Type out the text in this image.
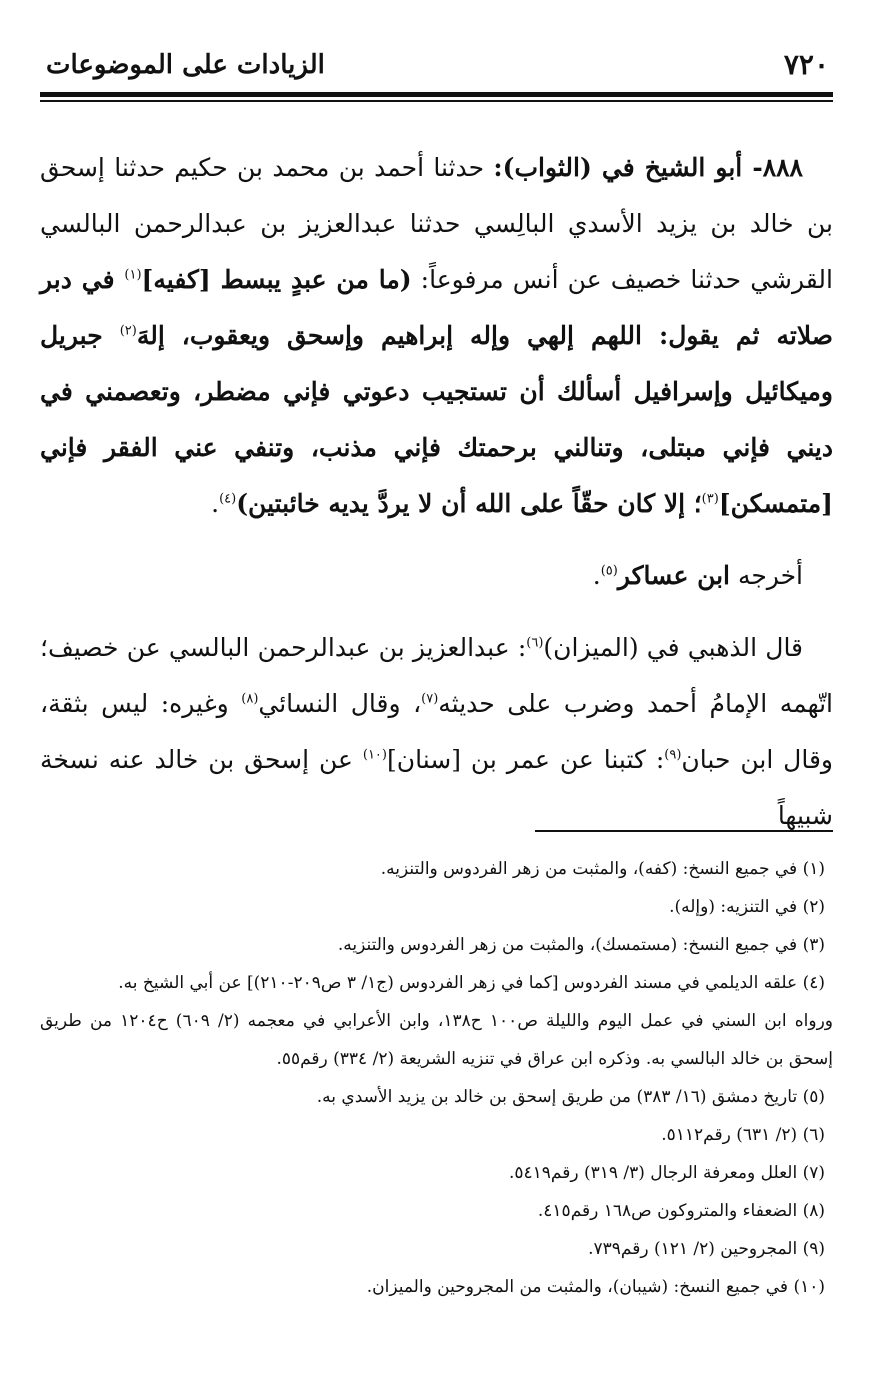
٧٢٠
الزيادات على الموضوعات

٨٨٨- أبو الشيخ في (الثواب): حدثنا أحمد بن محمد بن حكيم حدثنا إسحق بن خالد بن يزيد الأسدي البالِسي حدثنا عبدالعزيز بن عبدالرحمن البالسي القرشي حدثنا خصيف عن أنس مرفوعاً: (ما من عبدٍ يبسط [كفيه]$^{(١)}$ في دبر صلاته ثم يقول: اللهم إلهي وإله إبراهيم وإسحق ويعقوب، إلهَ$^{(٢)}$ جبريل وميكائيل وإسرافيل أسألك أن تستجيب دعوتي فإني مضطر، وتعصمني في ديني فإني مبتلى، وتنالني برحمتك فإني مذنب، وتنفي عني الفقر فإني [متمسكن]$^{(٣)}$؛ إلا كان حقّاً على الله أن لا يردَّ يديه خائبتين)$^{(٤)}$.

أخرجه ابن عساكر$^{(٥)}$.

قال الذهبي في (الميزان)$^{(٦)}$: عبدالعزيز بن عبدالرحمن البالسي عن خصيف؛ اتّهمه الإمامُ أحمد وضرب على حديثه$^{(٧)}$، وقال النسائي$^{(٨)}$ وغيره: ليس بثقة، وقال ابن حبان$^{(٩)}$: كتبنا عن عمر بن [سنان]$^{(١٠)}$ عن إسحق بن خالد عنه نسخة شبيهاً

(١) في جميع النسخ: (كفه)، والمثبت من زهر الفردوس والتنزيه.

(٢) في التنزيه: (وإله).

(٣) في جميع النسخ: (مستمسك)، والمثبت من زهر الفردوس والتنزيه.

(٤) علقه الديلمي في مسند الفردوس [كما في زهر الفردوس (ج١/ ٣ ص٢٠٩-٢١٠)] عن أبي الشيخ به.

ورواه ابن السني في عمل اليوم والليلة ص١٠٠ ح١٣٨، وابن الأعرابي في معجمه (٢/ ٦٠٩) ح١٢٠٤ من طريق إسحق بن خالد البالسي به. وذكره ابن عراق في تنزيه الشريعة (٢/ ٣٣٤) رقم٥٥.

(٥) تاريخ دمشق (١٦/ ٣٨٣) من طريق إسحق بن خالد بن يزيد الأسدي به.

(٦) (٢/ ٦٣١) رقم٥١١٢.

(٧) العلل ومعرفة الرجال (٣/ ٣١٩) رقم٥٤١٩.

(٨) الضعفاء والمتروكون ص١٦٨ رقم٤١٥.

(٩) المجروحين (٢/ ١٢١) رقم٧٣٩.

(١٠) في جميع النسخ: (شيبان)، والمثبت من المجروحين والميزان.
